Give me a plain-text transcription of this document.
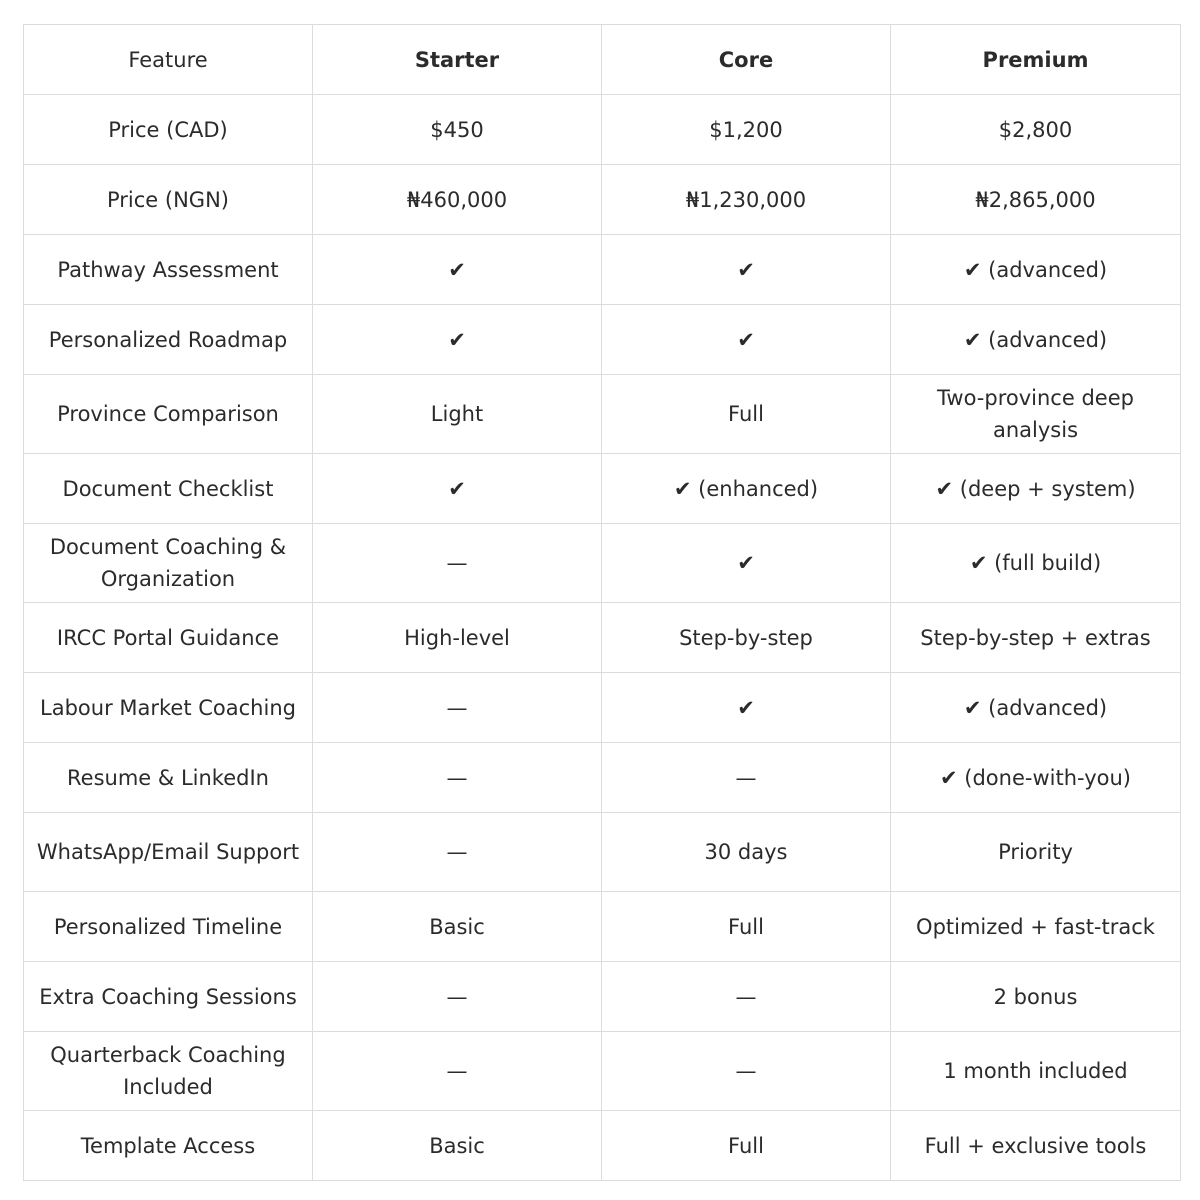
Feature	Starter	Core	Premium
Price (CAD)	$450	$1,200	$2,800
Price (NGN)	₦460,000	₦1,230,000	₦2,865,000
Pathway Assessment	✔	✔	✔ (advanced)
Personalized Roadmap	✔	✔	✔ (advanced)
Province Comparison	Light	Full	Two-province deep analysis
Document Checklist	✔	✔ (enhanced)	✔ (deep + system)
Document Coaching & Organization	—	✔	✔ (full build)
IRCC Portal Guidance	High-level	Step-by-step	Step-by-step + extras
Labour Market Coaching	—	✔	✔ (advanced)
Resume & LinkedIn	—	—	✔ (done-with-you)
WhatsApp/Email Support	—	30 days	Priority
Personalized Timeline	Basic	Full	Optimized + fast-track
Extra Coaching Sessions	—	—	2 bonus
Quarterback Coaching Included	—	—	1 month included
Template Access	Basic	Full	Full + exclusive tools
